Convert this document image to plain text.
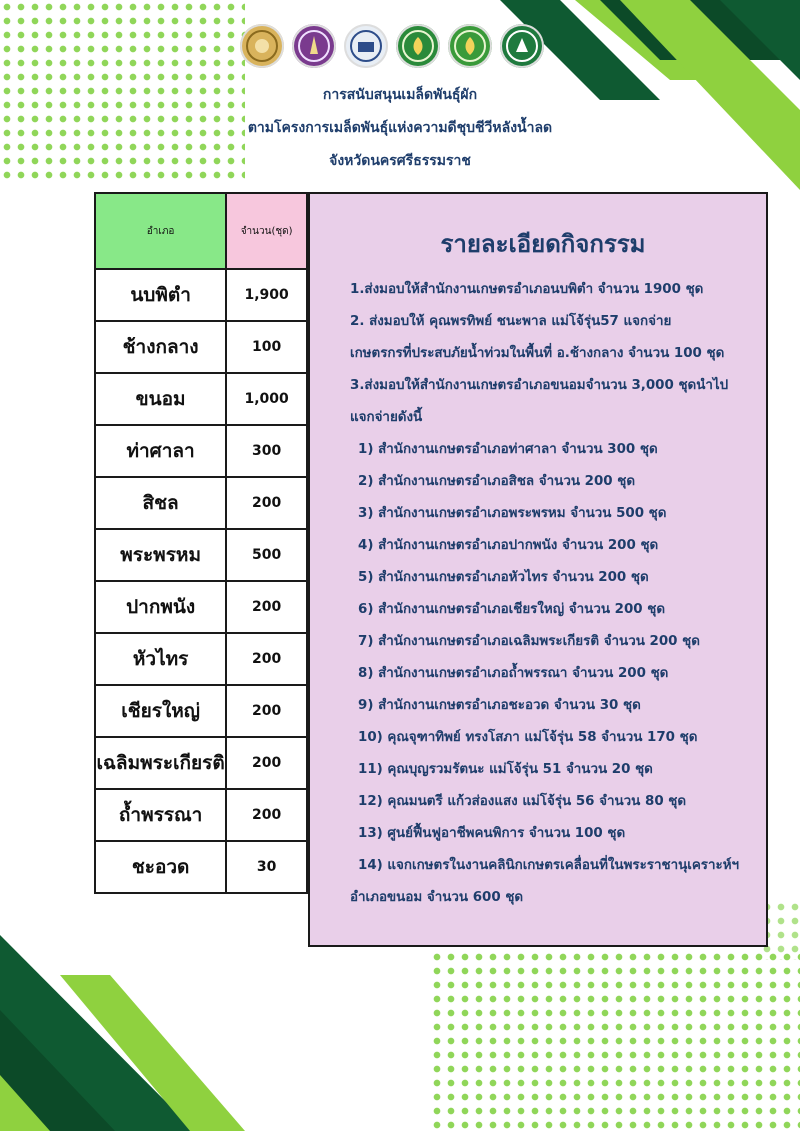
การสนับสนุนเมล็ดพันธุ์ผัก
ตามโครงการเมล็ดพันธุ์แห่งความดีชุบชีวีหลังน้ำลด
จังหวัดนครศรีธรรมราช
อำเภอ	จำนวน(ชุด)
นบพิตำ	1,900
ช้างกลาง	100
ขนอม	1,000
ท่าศาลา	300
สิชล	200
พระพรหม	500
ปากพนัง	200
หัวไทร	200
เชียรใหญ่	200
เฉลิมพระเกียรติ	200
ถ้ำพรรณา	200
ชะอวด	30
รายละเอียดกิจกรรม
1.ส่งมอบให้สำนักงานเกษตรอำเภอนบพิตำ จำนวน 1900 ชุด
2. ส่งมอบให้ คุณพรทิพย์ ชนะพาล แม่โจ้รุ่น57 แจกจ่าย
เกษตรกรที่ประสบภัยน้ำท่วมในพื้นที่ อ.ช้างกลาง จำนวน 100 ชุด
3.ส่งมอบให้สำนักงานเกษตรอำเภอขนอมจำนวน 3,000 ชุดนำไป
แจกจ่ายดังนี้
1) สำนักงานเกษตรอำเภอท่าศาลา จำนวน 300 ชุด
2) สำนักงานเกษตรอำเภอสิชล จำนวน 200 ชุด
3) สำนักงานเกษตรอำเภอพระพรหม จำนวน 500 ชุด
4) สำนักงานเกษตรอำเภอปากพนัง จำนวน 200 ชุด
5) สำนักงานเกษตรอำเภอหัวไทร จำนวน 200 ชุด
6) สำนักงานเกษตรอำเภอเชียรใหญ่ จำนวน 200 ชุด
7) สำนักงานเกษตรอำเภอเฉลิมพระเกียรติ จำนวน 200 ชุด
8) สำนักงานเกษตรอำเภอถ้ำพรรณา จำนวน 200 ชุด
9) สำนักงานเกษตรอำเภอชะอวด จำนวน 30 ชุด
10) คุณจุฑาทิพย์ ทรงโสภา แม่โจ้รุ่น 58 จำนวน 170 ชุด
11) คุณบุญรวมรัตนะ แม่โจ้รุ่น 51 จำนวน 20 ชุด
12) คุณมนตรี แก้วส่องแสง แม่โจ้รุ่น 56 จำนวน 80 ชุด
13) ศูนย์ฟื้นฟูอาชีพคนพิการ จำนวน 100 ชุด
14) แจกเกษตรในงานคลินิกเกษตรเคลื่อนที่ในพระราชานุเคราะห์ฯ
อำเภอขนอม จำนวน 600 ชุด
